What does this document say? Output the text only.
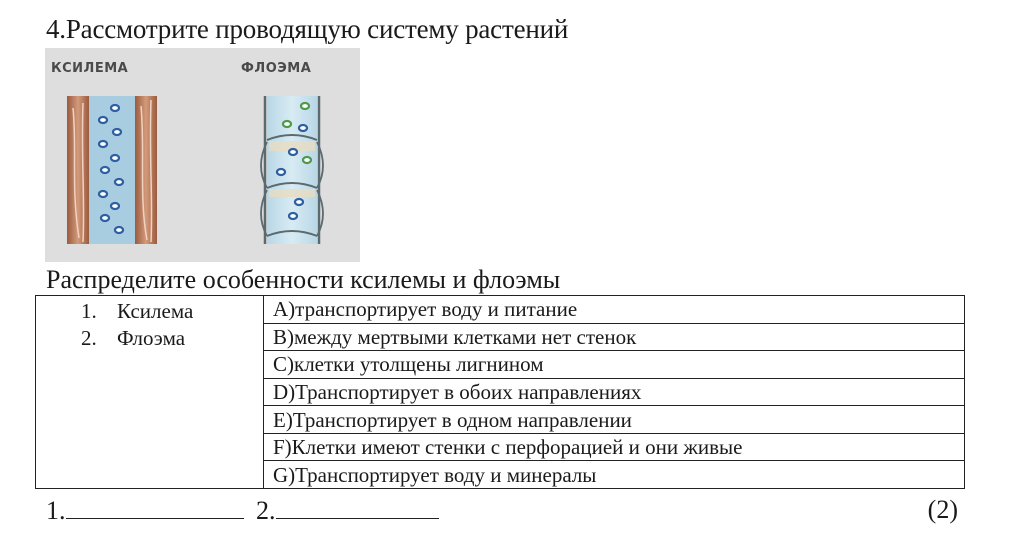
4.Рассмотрите проводящую систему растений
КСИЛЕМА	ФЛОЭМА
Распределите особенности ксилемы и флоэмы
1. Ксилема
2. Флоэма
	А)транспортирует воду и питание
В)между мертвыми клетками нет стенок
С)клетки утолщены лигнином
D)Транспортирует в обоих направлениях
Е)Транспортирует в одном направлении
F)Клетки имеют стенки с перфорацией и они живые
G)Транспортирует воду и минералы
1.	2.	(2)
